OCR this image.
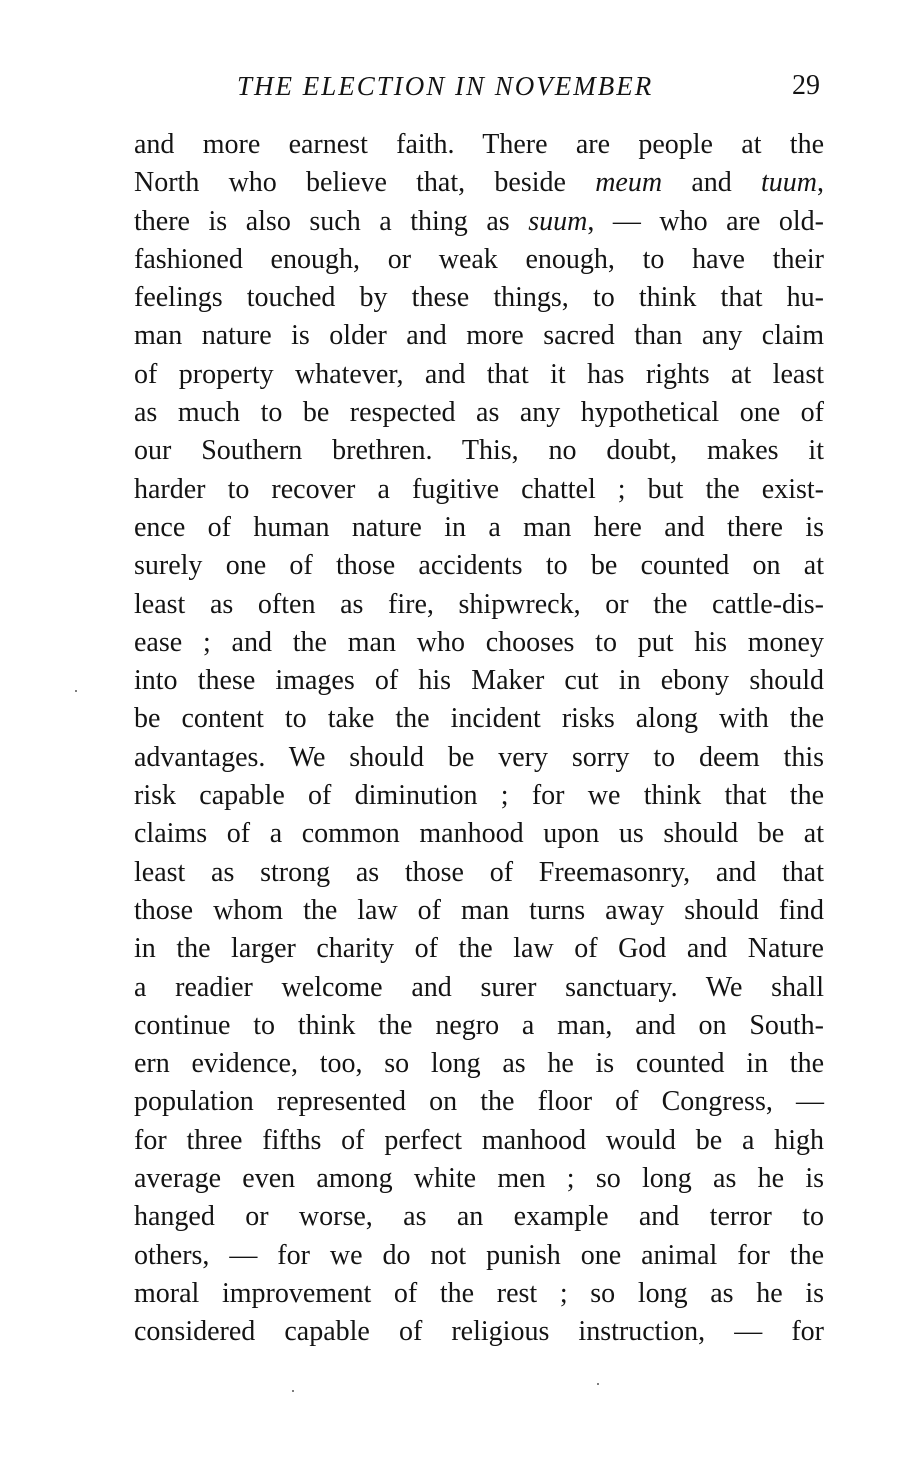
THE ELECTION IN NOVEMBER	29
and more earnest faith. There are people at the
North who believe that, beside meum and tuum,
there is also such a thing as suum, — who are old-
fashioned enough, or weak enough, to have their
feelings touched by these things, to think that hu-
man nature is older and more sacred than any claim
of property whatever, and that it has rights at least
as much to be respected as any hypothetical one of
our Southern brethren. This, no doubt, makes it
harder to recover a fugitive chattel ; but the exist-
ence of human nature in a man here and there is
surely one of those accidents to be counted on at
least as often as fire, shipwreck, or the cattle-dis-
ease ; and the man who chooses to put his money
into these images of his Maker cut in ebony should
be content to take the incident risks along with the
advantages. We should be very sorry to deem this
risk capable of diminution ; for we think that the
claims of a common manhood upon us should be at
least as strong as those of Freemasonry, and that
those whom the law of man turns away should find
in the larger charity of the law of God and Nature
a readier welcome and surer sanctuary. We shall
continue to think the negro a man, and on South-
ern evidence, too, so long as he is counted in the
population represented on the floor of Congress, —
for three fifths of perfect manhood would be a high
average even among white men ; so long as he is
hanged or worse, as an example and terror to
others, — for we do not punish one animal for the
moral improvement of the rest ; so long as he is
considered capable of religious instruction, — for
